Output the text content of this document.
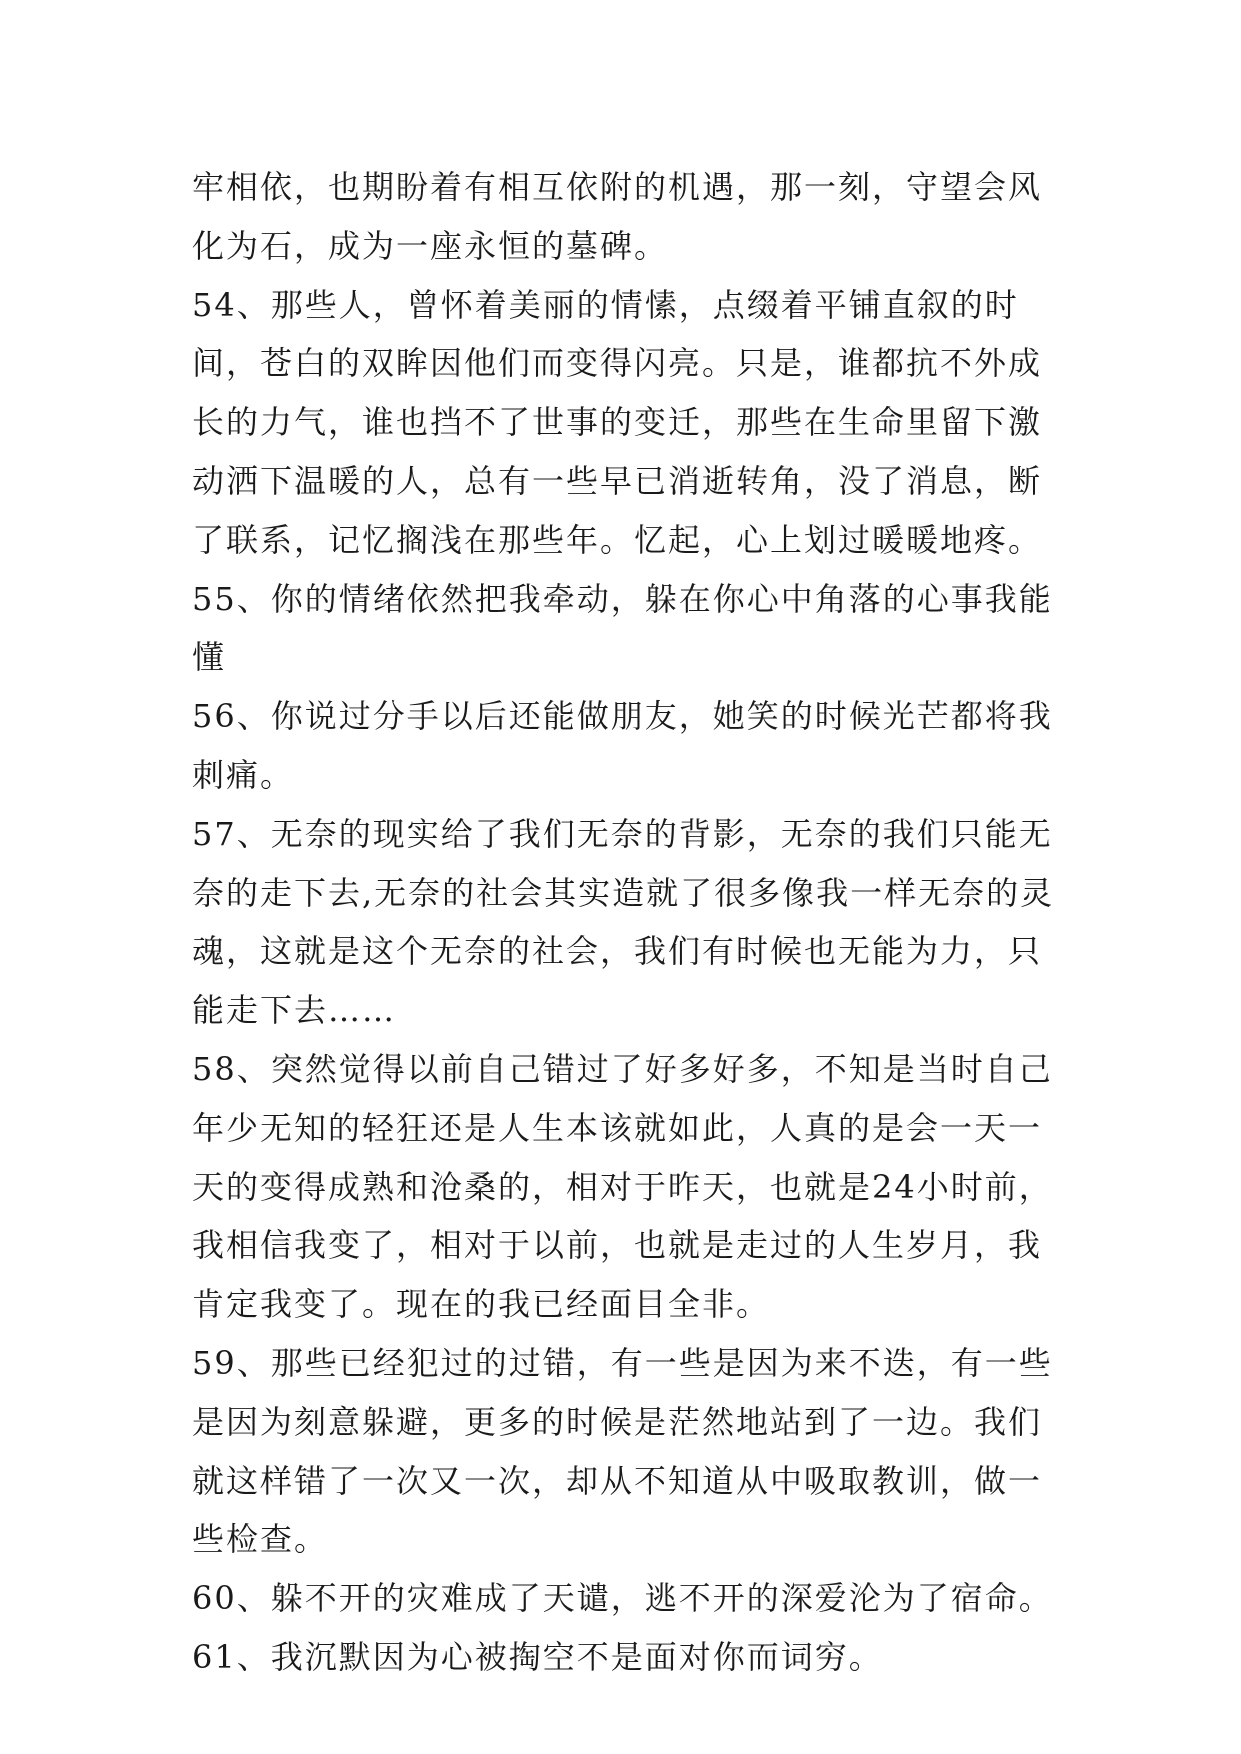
牢相依，也期盼着有相互依附的机遇，那一刻，守望会风化为石，成为一座永恒的墓碑。

54、那些人，曾怀着美丽的情愫，点缀着平铺直叙的时间，苍白的双眸因他们而变得闪亮。只是，谁都抗不外成长的力气，谁也挡不了世事的变迁，那些在生命里留下激动洒下温暖的人，总有一些早已消逝转角，没了消息，断了联系，记忆搁浅在那些年。忆起，心上划过暖暖地疼。

55、你的情绪依然把我牵动，躲在你心中角落的心事我能懂

56、你说过分手以后还能做朋友，她笑的时候光芒都将我刺痛。

57、无奈的现实给了我们无奈的背影，无奈的我们只能无奈的走下去,无奈的社会其实造就了很多像我一样无奈的灵魂，这就是这个无奈的社会，我们有时候也无能为力，只能走下去……

58、突然觉得以前自己错过了好多好多，不知是当时自己年少无知的轻狂还是人生本该就如此，人真的是会一天一天的变得成熟和沧桑的，相对于昨天，也就是24小时前，我相信我变了，相对于以前，也就是走过的人生岁月，我肯定我变了。现在的我已经面目全非。

59、那些已经犯过的过错，有一些是因为来不迭，有一些是因为刻意躲避，更多的时候是茫然地站到了一边。我们就这样错了一次又一次，却从不知道从中吸取教训，做一些检查。

60、躲不开的灾难成了天谴，逃不开的深爱沦为了宿命。

61、我沉默因为心被掏空不是面对你而词穷。
